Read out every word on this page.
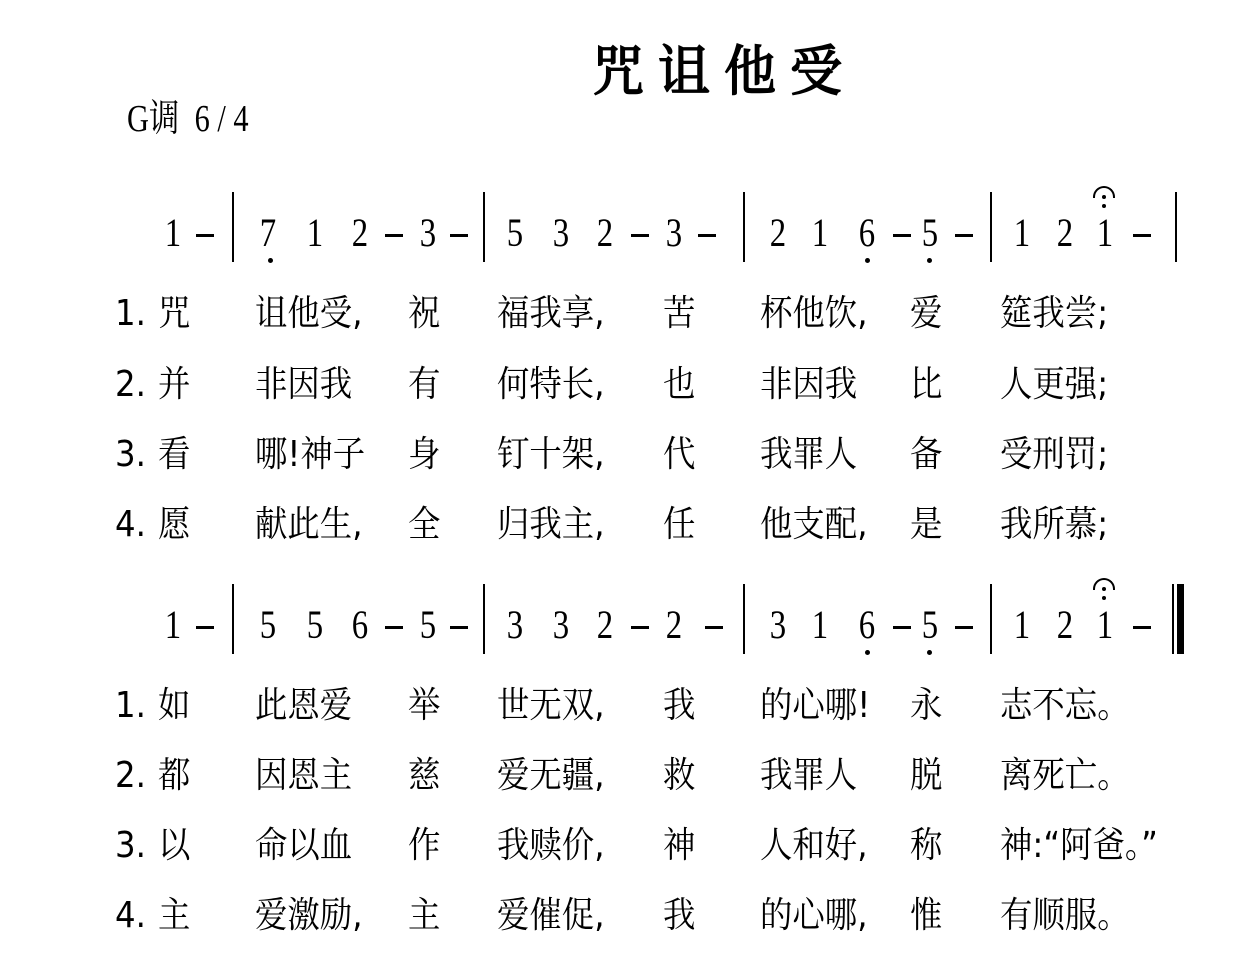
咒诅他受
G调 6 / 4
1 7 1 2 3 5 3 2 3 2 1 6 5 1 2 1
1. 咒 诅他受, 祝 福我享, 苦 杯他饮, 爱 筵我尝;
2. 并 非因我 有 何特长, 也 非因我 比 人更强;
3. 看 哪!神子 身 钉十架, 代 我罪人 备 受刑罚;
4. 愿 献此生, 全 归我主, 任 他支配, 是 我所慕;
1 5 5 6 5 3 3 2 2 3 1 6 5 1 2 1
1. 如 此恩爱 举 世无双, 我 的心哪! 永 志不忘。
2. 都 因恩主 慈 爱无疆, 救 我罪人 脱 离死亡。
3. 以 命以血 作 我赎价, 神 人和好, 称 神:“阿爸。”
4. 主 爱激励, 主 爱催促, 我 的心哪, 惟 有顺服。
